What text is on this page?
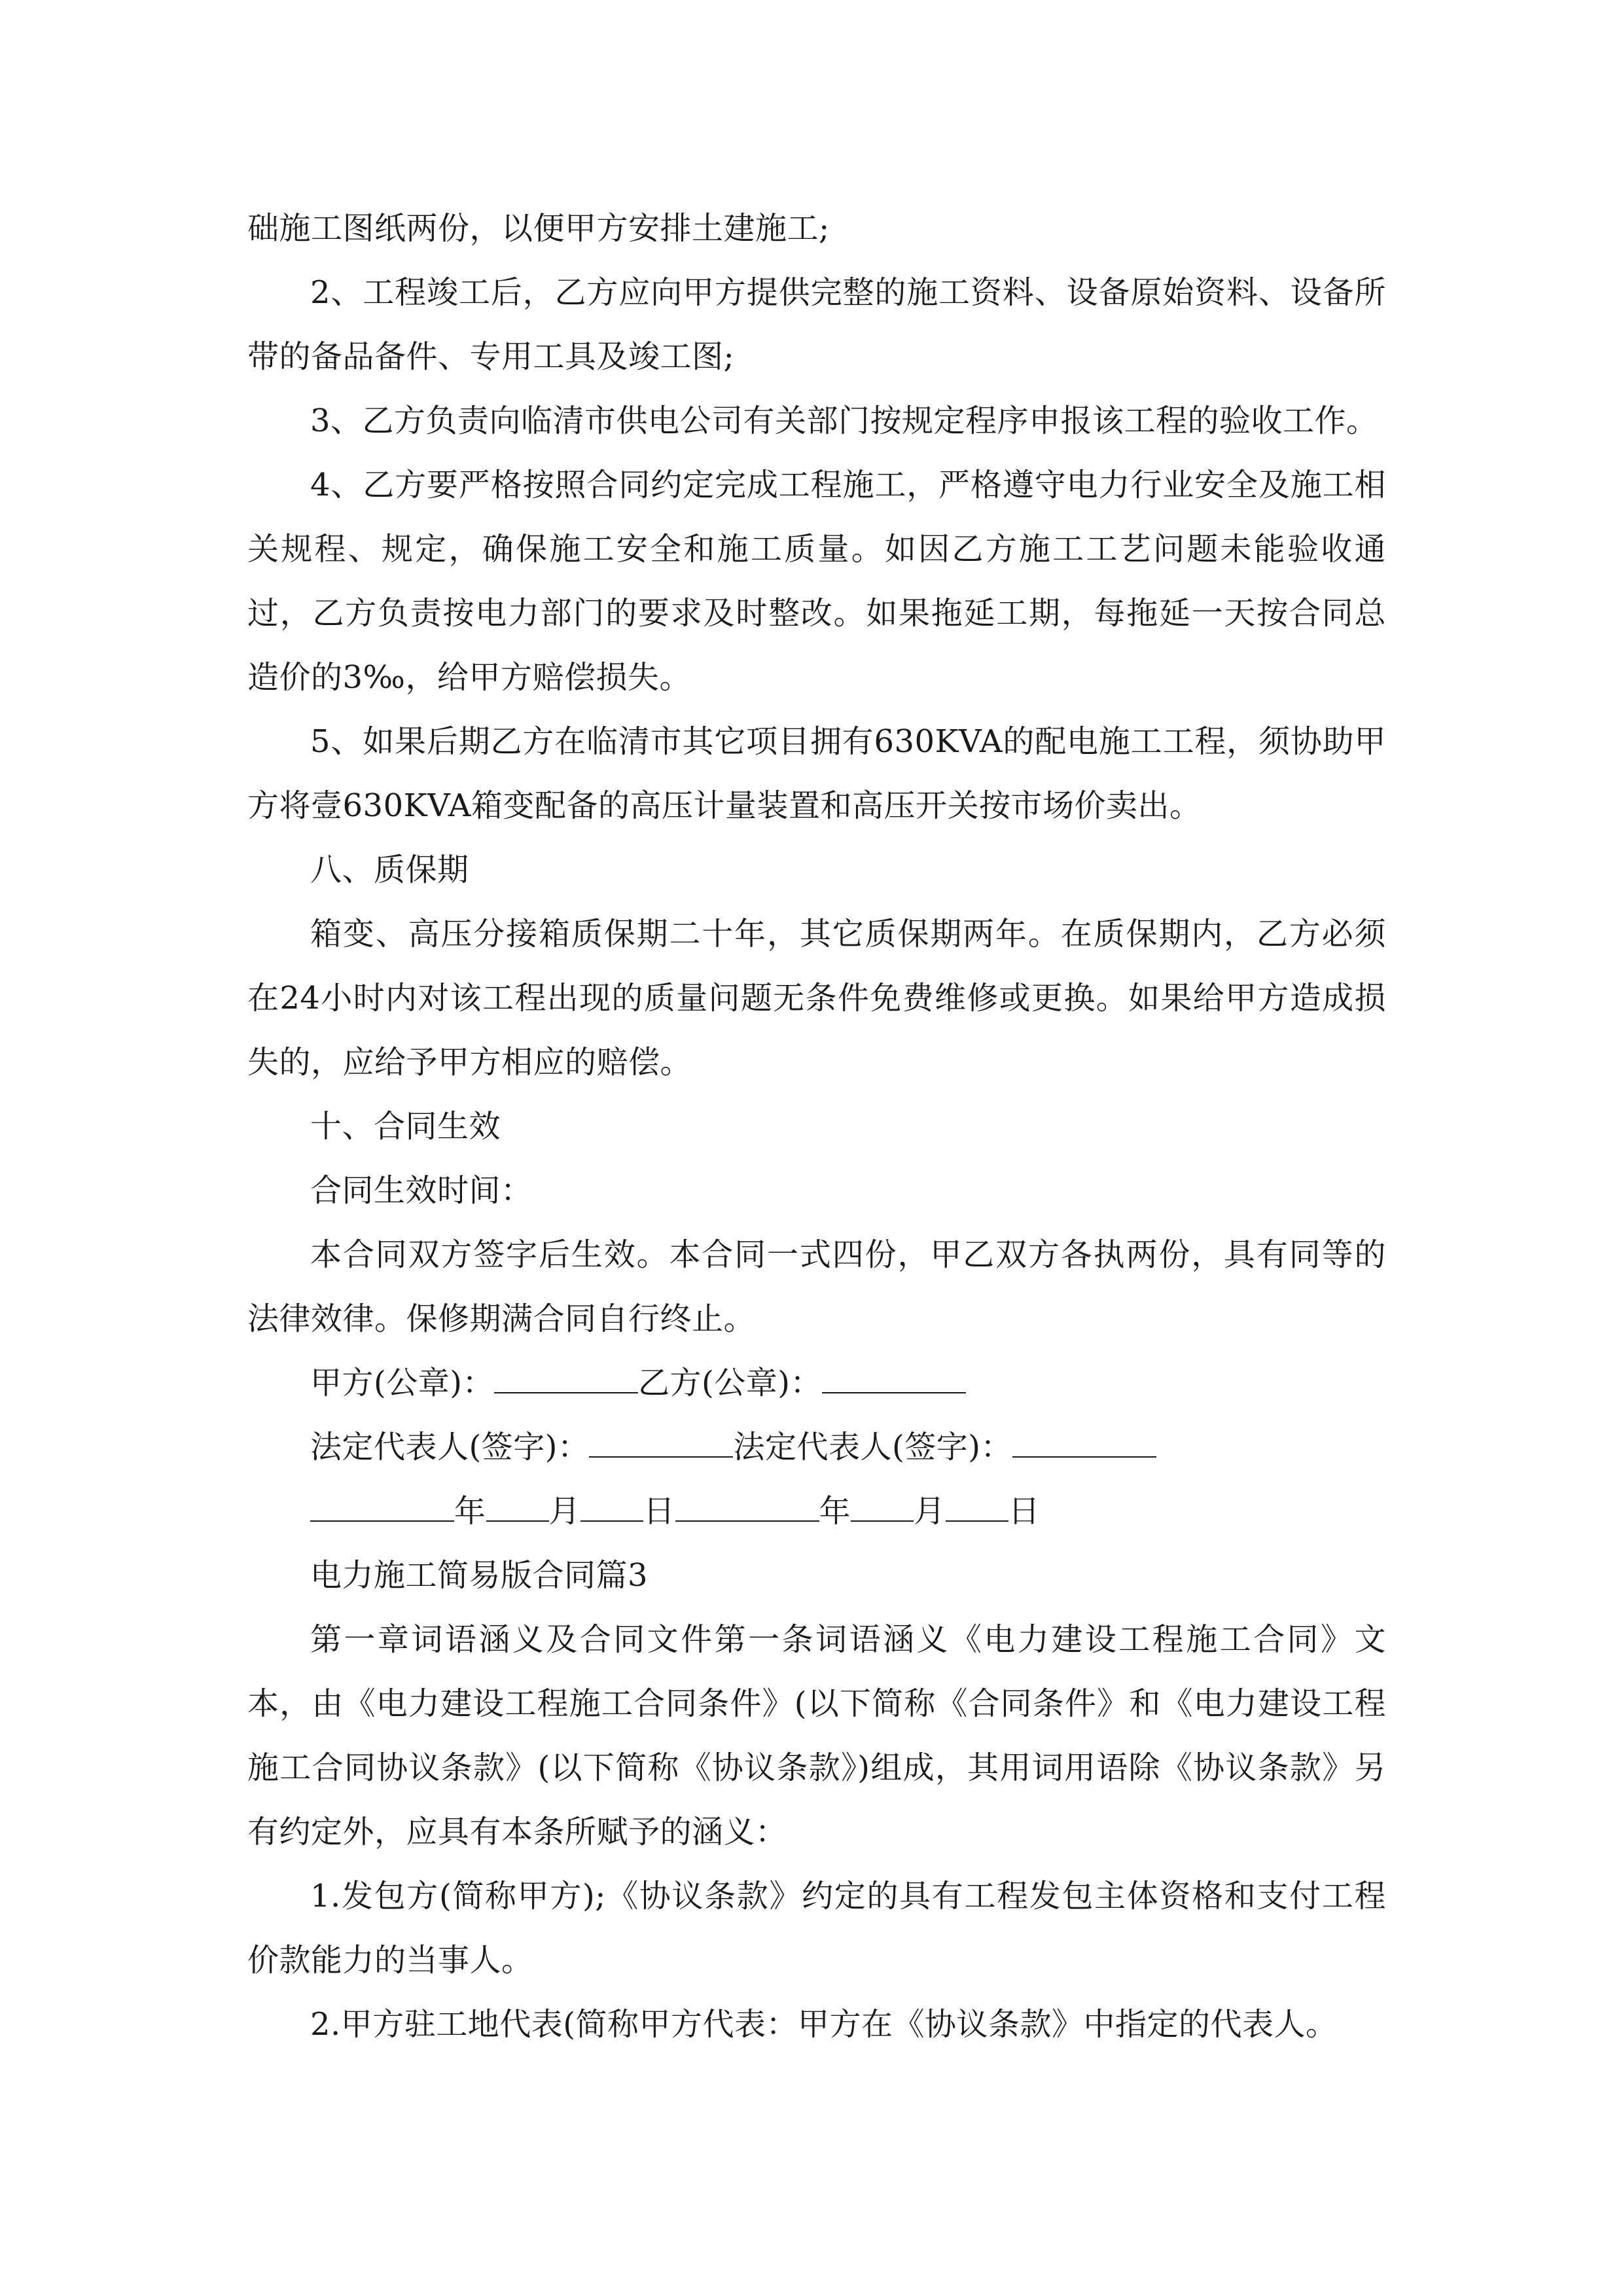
础施工图纸两份，以便甲方安排土建施工;

2、工程竣工后，乙方应向甲方提供完整的施工资料、设备原始资料、设备所带的备品备件、专用工具及竣工图;

3、乙方负责向临清市供电公司有关部门按规定程序申报该工程的验收工作。

4、乙方要严格按照合同约定完成工程施工，严格遵守电力行业安全及施工相关规程、规定，确保施工安全和施工质量。如因乙方施工工艺问题未能验收通过，乙方负责按电力部门的要求及时整改。如果拖延工期，每拖延一天按合同总造价的3‰，给甲方赔偿损失。

5、如果后期乙方在临清市其它项目拥有630KVA的配电施工工程，须协助甲方将壹630KVA箱变配备的高压计量装置和高压开关按市场价卖出。

八、质保期

箱变、高压分接箱质保期二十年，其它质保期两年。在质保期内，乙方必须在24小时内对该工程出现的质量问题无条件免费维修或更换。如果给甲方造成损失的，应给予甲方相应的赔偿。

十、合同生效

合同生效时间：

本合同双方签字后生效。本合同一式四份，甲乙双方各执两份，具有同等的法律效律。保修期满合同自行终止。

甲方(公章)：	乙方(公章)：
法定代表人(签字)：	法定代表人(签字)：
年 月 日	年 月 日

电力施工简易版合同篇3

第一章词语涵义及合同文件第一条词语涵义《电力建设工程施工合同》文本，由《电力建设工程施工合同条件》(以下简称《合同条件》和《电力建设工程施工合同协议条款》(以下简称《协议条款》)组成，其用词用语除《协议条款》另有约定外，应具有本条所赋予的涵义：

1.发包方(简称甲方);《协议条款》约定的具有工程发包主体资格和支付工程价款能力的当事人。

2.甲方驻工地代表(简称甲方代表：甲方在《协议条款》中指定的代表人。
